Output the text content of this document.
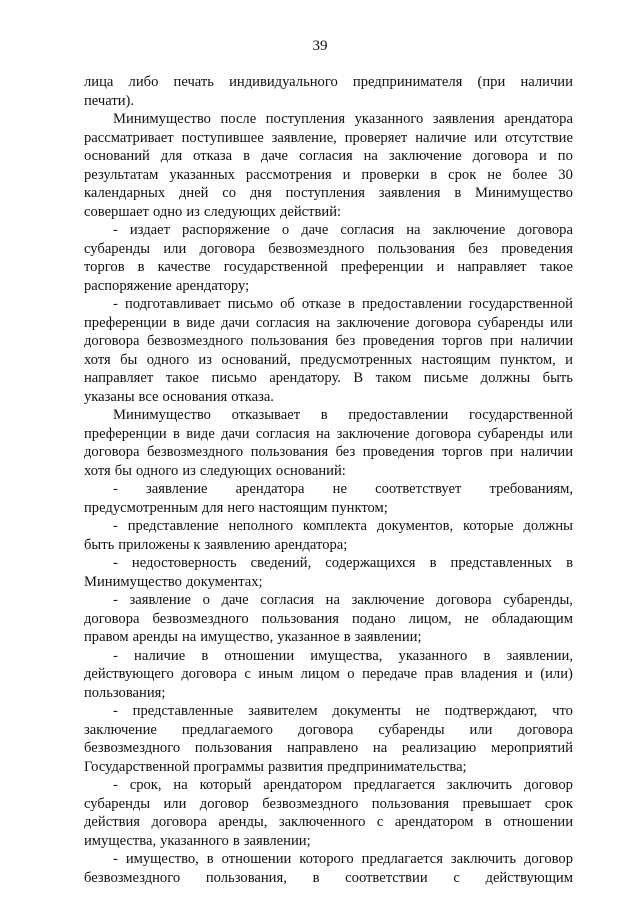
39
лица либо печать индивидуального предпринимателя (при наличии
печати).
Минимущество после поступления указанного заявления арендатора
рассматривает поступившее заявление, проверяет наличие или отсутствие
оснований для отказа в даче согласия на заключение договора и по
результатам указанных рассмотрения и проверки в срок не более 30
календарных дней со дня поступления заявления в Минимущество
совершает одно из следующих действий:
- издает распоряжение о даче согласия на заключение договора
субаренды или договора безвозмездного пользования без проведения
торгов в качестве государственной преференции и направляет такое
распоряжение арендатору;
- подготавливает письмо об отказе в предоставлении государственной
преференции в виде дачи согласия на заключение договора субаренды или
договора безвозмездного пользования без проведения торгов при наличии
хотя бы одного из оснований, предусмотренных настоящим пунктом, и
направляет такое письмо арендатору. В таком письме должны быть
указаны все основания отказа.
Минимущество отказывает в предоставлении государственной
преференции в виде дачи согласия на заключение договора субаренды или
договора безвозмездного пользования без проведения торгов при наличии
хотя бы одного из следующих оснований:
- заявление арендатора не соответствует требованиям,
предусмотренным для него настоящим пунктом;
- представление неполного комплекта документов, которые должны
быть приложены к заявлению арендатора;
- недостоверность сведений, содержащихся в представленных в
Минимущество документах;
- заявление о даче согласия на заключение договора субаренды,
договора безвозмездного пользования подано лицом, не обладающим
правом аренды на имущество, указанное в заявлении;
- наличие в отношении имущества, указанного в заявлении,
действующего договора с иным лицом о передаче прав владения и (или)
пользования;
- представленные заявителем документы не подтверждают, что
заключение предлагаемого договора субаренды или договора
безвозмездного пользования направлено на реализацию мероприятий
Государственной программы развития предпринимательства;
- срок, на который арендатором предлагается заключить договор
субаренды или договор безвозмездного пользования превышает срок
действия договора аренды, заключенного с арендатором в отношении
имущества, указанного в заявлении;
- имущество, в отношении которого предлагается заключить договор
безвозмездного пользования, в соответствии с действующим
